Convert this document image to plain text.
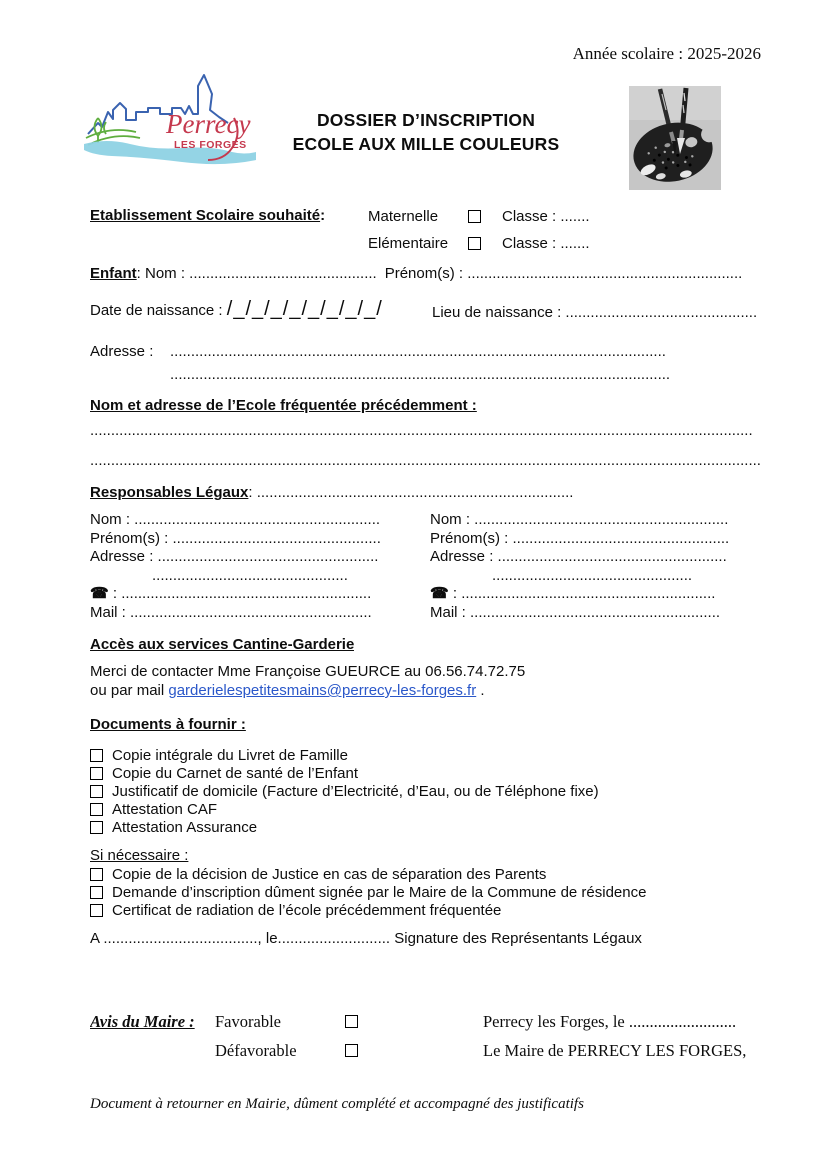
Année scolaire : 2025-2026
Perrecy
LES FORGES
DOSSIER D’INSCRIPTION
ECOLE AUX MILLE COULEURS
Etablissement Scolaire souhaité:	Maternelle	Classe : .......
Elémentaire	Classe : .......
Enfant: Nom : ............................................. Prénom(s) : ..................................................................
Date de naissance : /_/_/_/_/_/_/_/_/	Lieu de naissance : ..............................................
Adresse : .......................................................................................................................
........................................................................................................................
Nom et adresse de l’Ecole fréquentée précédemment :
...............................................................................................................................................................
.................................................................................................................................................................
Responsables Légaux: ............................................................................
Nom : ...........................................................
Prénom(s) : ..................................................
Adresse : .....................................................
...............................................
☎ : ............................................................
Mail : ..........................................................
Nom : .............................................................
Prénom(s) : ....................................................
Adresse : .......................................................
................................................
☎ : .............................................................
Mail : ............................................................
Accès aux services Cantine-Garderie
Merci de contacter Mme Françoise GUEURCE au 06.56.74.72.75
ou par mail garderielespetitesmains@perrecy-les-forges.fr .
Documents à fournir :
Copie intégrale du Livret de Famille
Copie du Carnet de santé de l’Enfant
Justificatif de domicile (Facture d’Electricité, d’Eau, ou de Téléphone fixe)
Attestation CAF
Attestation Assurance
Si nécessaire :
Copie de la décision de Justice en cas de séparation des Parents
Demande d’inscription dûment signée par le Maire de la Commune de résidence
Certificat de radiation de l’école précédemment fréquentée
A ....................................., le........................... Signature des Représentants Légaux
Avis du Maire :	Favorable	Perrecy les Forges, le ..........................
Défavorable	Le Maire de PERRECY LES FORGES,
Document à retourner en Mairie, dûment complété et accompagné des justificatifs
